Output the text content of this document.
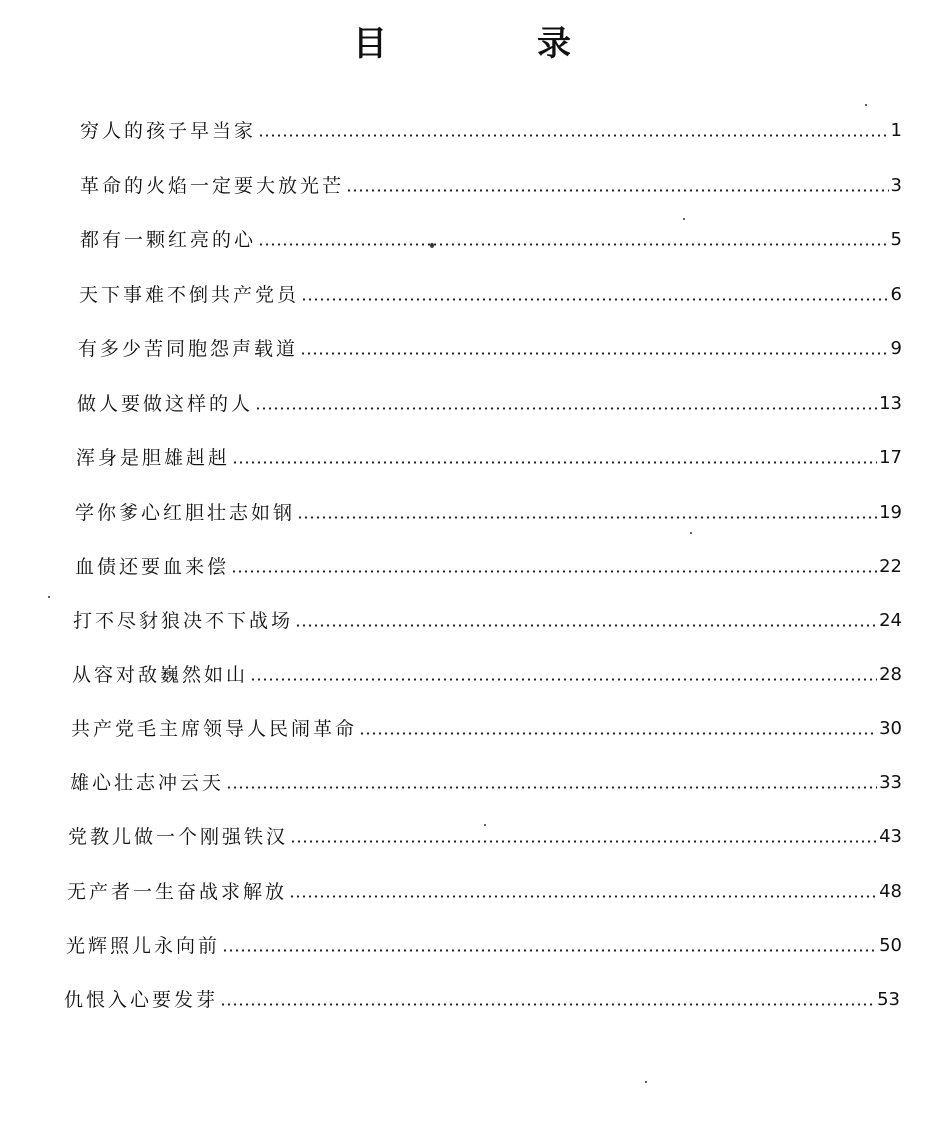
目　录
穷人的孩子早当家	1
革命的火焰一定要大放光芒	3
都有一颗红亮的心	5
天下事难不倒共产党员	6
有多少苦同胞怨声载道	9
做人要做这样的人	13
浑身是胆雄赳赳	17
学你爹心红胆壮志如钢	19
血债还要血来偿	22
打不尽豺狼决不下战场	24
从容对敌巍然如山	28
共产党毛主席领导人民闹革命	30
雄心壮志冲云天	33
党教儿做一个刚强铁汉	43
无产者一生奋战求解放	48
光辉照儿永向前	50
仇恨入心要发芽	53
